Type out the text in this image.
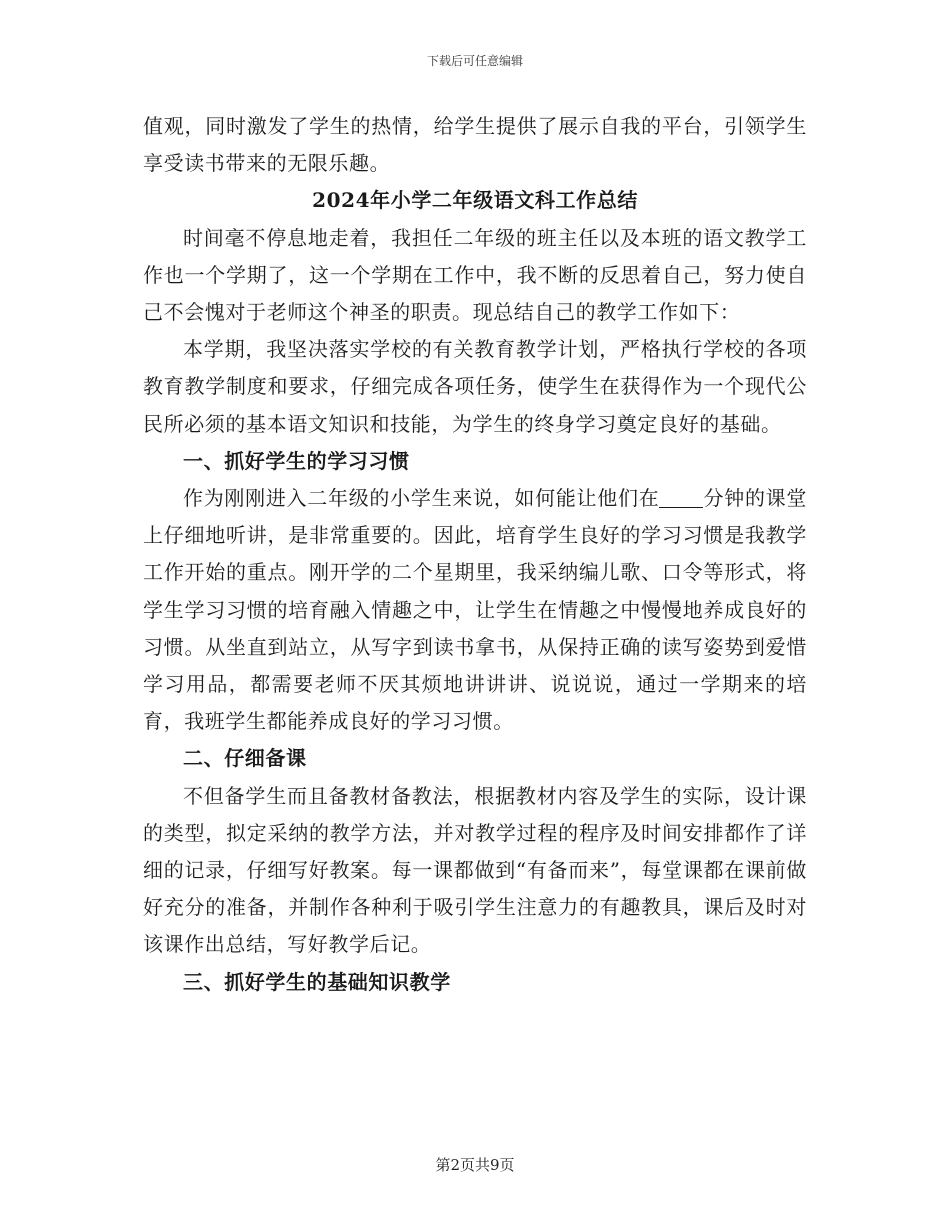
下载后可任意编辑

值观，同时激发了学生的热情，给学生提供了展示自我的平台，引领学生享受读书带来的无限乐趣。

2024年小学二年级语文科工作总结

时间毫不停息地走着，我担任二年级的班主任以及本班的语文教学工作也一个学期了，这一个学期在工作中，我不断的反思着自己，努力使自己不会愧对于老师这个神圣的职责。现总结自己的教学工作如下：

本学期，我坚决落实学校的有关教育教学计划，严格执行学校的各项教育教学制度和要求，仔细完成各项任务，使学生在获得作为一个现代公民所必须的基本语文知识和技能，为学生的终身学习奠定良好的基础。

一、抓好学生的学习习惯

作为刚刚进入二年级的小学生来说，如何能让他们在 分钟的课堂上仔细地听讲，是非常重要的。因此，培育学生良好的学习习惯是我教学工作开始的重点。刚开学的二个星期里，我采纳编儿歌、口令等形式，将学生学习习惯的培育融入情趣之中，让学生在情趣之中慢慢地养成良好的习惯。从坐直到站立，从写字到读书拿书，从保持正确的读写姿势到爱惜学习用品，都需要老师不厌其烦地讲讲讲、说说说，通过一学期来的培育，我班学生都能养成良好的学习习惯。

二、仔细备课

不但备学生而且备教材备教法，根据教材内容及学生的实际，设计课的类型，拟定采纳的教学方法，并对教学过程的程序及时间安排都作了详细的记录，仔细写好教案。每一课都做到“有备而来”，每堂课都在课前做好充分的准备，并制作各种利于吸引学生注意力的有趣教具，课后及时对该课作出总结，写好教学后记。

三、抓好学生的基础知识教学

第2页共9页
